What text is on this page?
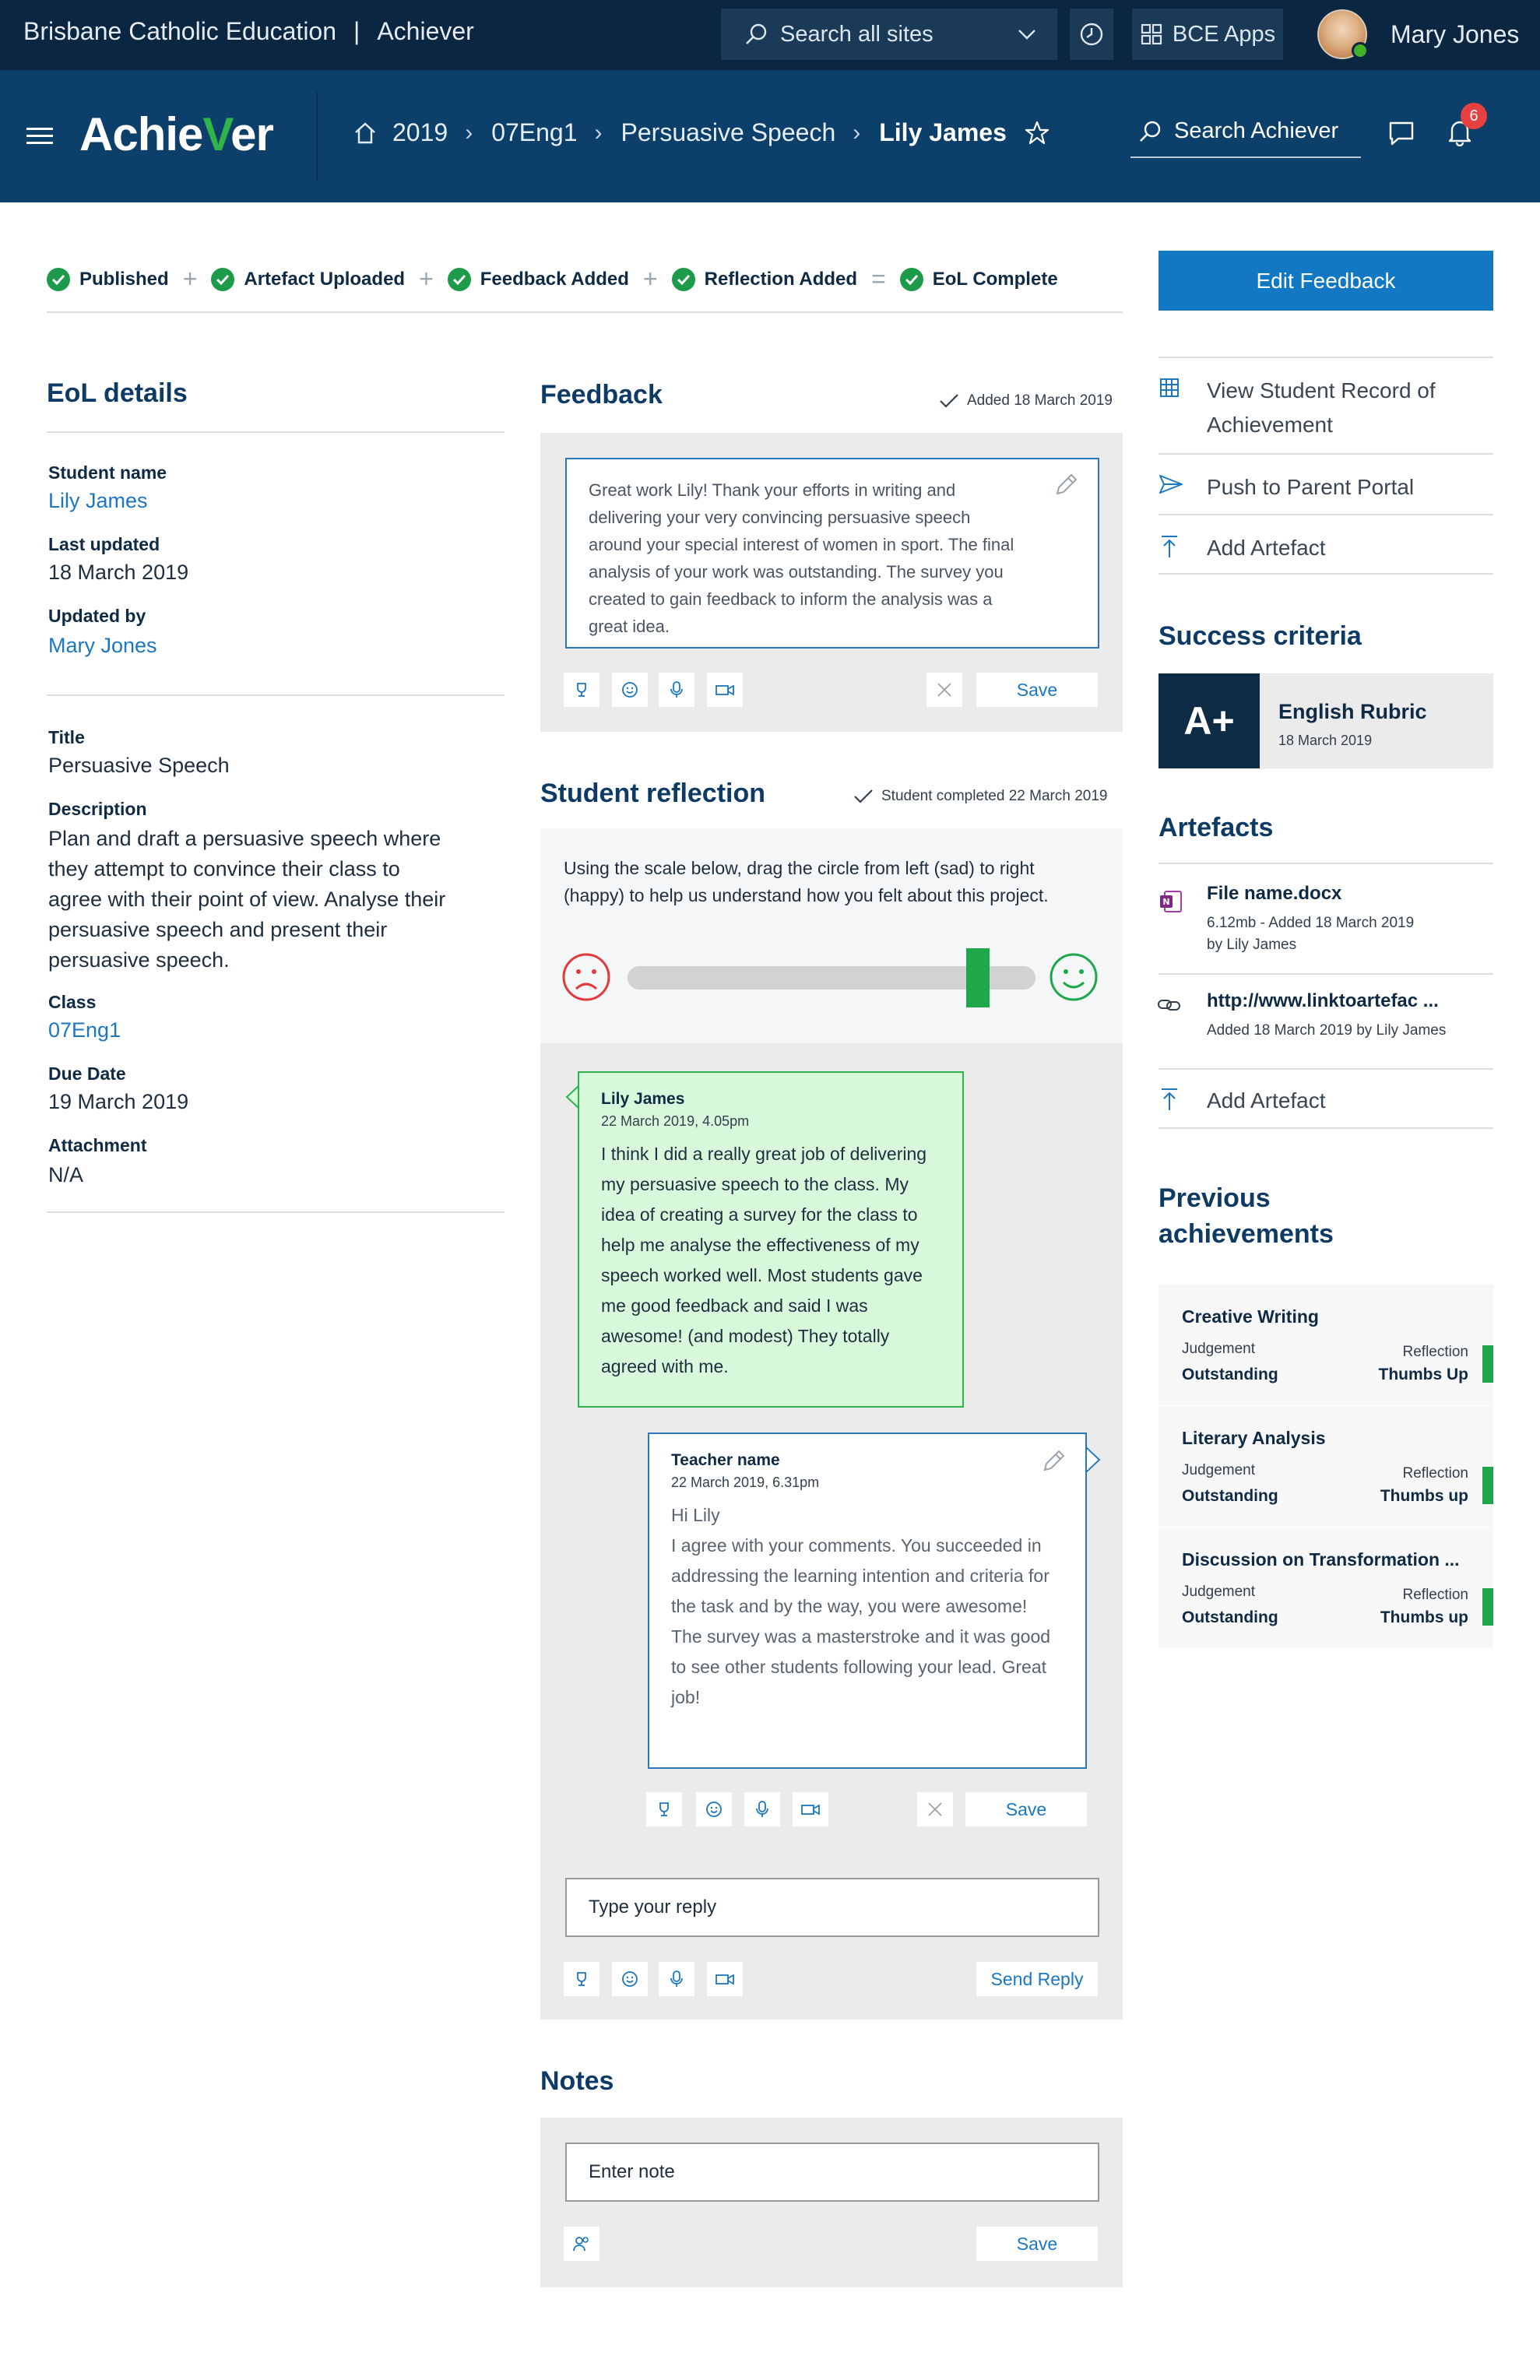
Brisbane Catholic Education | Achiever	Search all sites	BCE Apps	Mary Jones
AchieVer	2019 › 07Eng1 › Persuasive Speech › Lily James	Search Achiever
6
Published +	Artefact Uploaded +	Feedback Added +	Reflection Added =	EoL Complete	Edit Feedback
EoL details
Student name
Lily James
Last updated
18 March 2019
Updated by
Mary Jones
Title
Persuasive Speech
Description
Plan and draft a persuasive speech where they attempt to convince their class to agree with their point of view. Analyse their persuasive speech and present their persuasive speech.
Class
07Eng1
Due Date
19 March 2019
Attachment
N/A
Feedback	Added 18 March 2019
Great work Lily! Thank your efforts in writing and delivering your very convincing persuasive speech around your special interest of women in sport. The final analysis of your work was outstanding. The survey you created to gain feedback to inform the analysis was a great idea.
Save
Student reflection	Student completed 22 March 2019
Using the scale below, drag the circle from left (sad) to right (happy) to help us understand how you felt about this project.
Lily James
22 March 2019, 4.05pm
I think I did a really great job of delivering my persuasive speech to the class. My idea of creating a survey for the class to help me analyse the effectiveness of my speech worked well. Most students gave me good feedback and said I was awesome! (and modest) They totally agreed with me.
Teacher name
22 March 2019, 6.31pm
Hi Lily
I agree with your comments. You succeeded in addressing the learning intention and criteria for the task and by the way, you were awesome!
The survey was a masterstroke and it was good to see other students following your lead. Great job!
Save
Type your reply
Send Reply
Notes
Enter note
Save
View Student Record of Achievement
Push to Parent Portal
Add Artefact
Success criteria
A+	English Rubric
18 March 2019
Artefacts
N File name.docx
6.12mb - Added 18 March 2019
by Lily James
http://www.linktoartefac ...
Added 18 March 2019 by Lily James
Add Artefact
Previous
achievements
Creative Writing
Judgement
Outstanding
Reflection
Thumbs Up
Literary Analysis
Judgement
Outstanding
Reflection
Thumbs up
Discussion on Transformation ...
Judgement
Outstanding
Reflection
Thumbs up
